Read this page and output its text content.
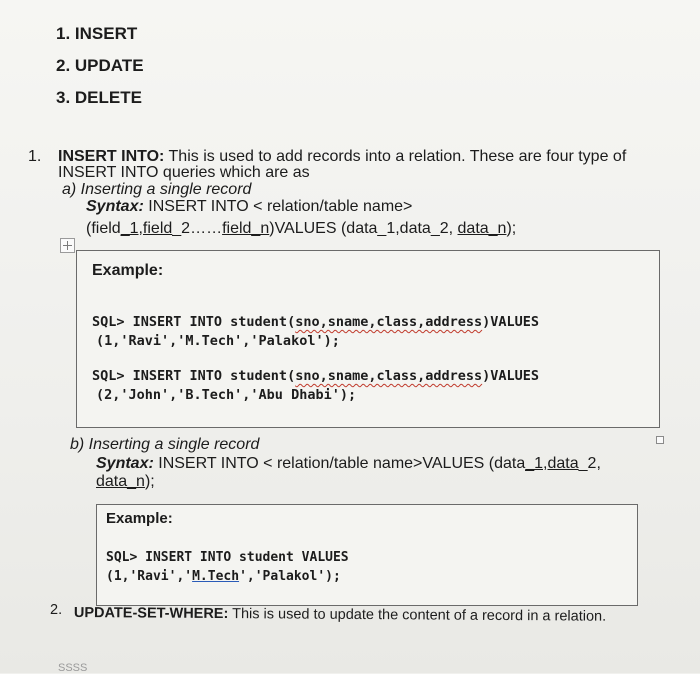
1. INSERT
2. UPDATE
3. DELETE
1. INSERT INTO: This is used to add records into a relation. These are four type of
INSERT INTO queries which are as
a) Inserting a single record
Syntax: INSERT INTO < relation/table name>
(field_1,field_2……field_n)VALUES (data_1,data_2, data_n);
Example:
SQL> INSERT INTO student(sno,sname,class,address)VALUES
(1,'Ravi','M.Tech','Palakol');
SQL> INSERT INTO student(sno,sname,class,address)VALUES
(2,'John','B.Tech','Abu Dhabi');
b) Inserting a single record
Syntax: INSERT INTO < relation/table name>VALUES (data_1,data_2,
data_n);
Example:
SQL> INSERT INTO student VALUES
(1,'Ravi','M.Tech','Palakol');
2. UPDATE-SET-WHERE: This is used to update the content of a record in a relation.
SSSS
